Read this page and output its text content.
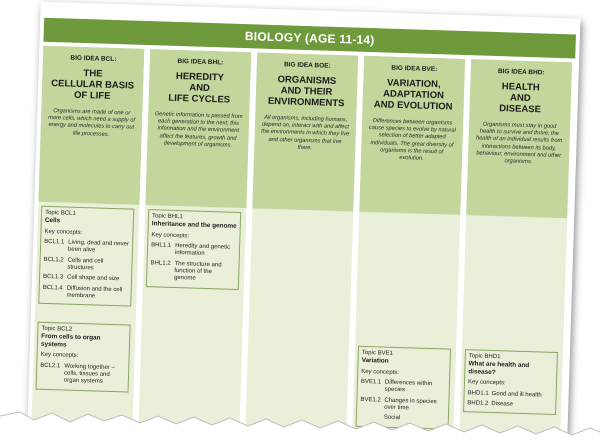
BIOLOGY (AGE 11-14)
BIG IDEA BCL:
THE
CELLULAR BASIS
OF LIFE
Organisms are made of one or more cells, which need a supply of energy and molecules to carry out life processes.
Topic BCL1
Cells
Key concepts:
BCL1.1 Living, dead and never been alive
BCL1.2 Cells and cell structures
BCL1.3 Cell shape and size
BCL1.4 Diffusion and the cell membrane
Topic BCL2
From cells to organ systems
Key concepts:
BCL2.1 Working together – cells, tissues and organ systems
BIG IDEA BHL:
HEREDITY
AND
LIFE CYCLES
Genetic information is passed from each generation to the next; this information and the environment affect the features, growth and development of organisms.
Topic BHL1
Inheritance and the genome
Key concepts:
BHL1.1 Heredity and genetic information
BHL1.2 The structure and function of the genome
BIG IDEA BOE:
ORGANISMS
AND THEIR
ENVIRONMENTS
All organisms, including humans, depend on, interact with and affect the environments in which they live and other organisms that live there.
BIG IDEA BVE:
VARIATION,
ADAPTATION
AND EVOLUTION
Differences between organisms cause species to evolve by natural selection of better adapted individuals. The great diversity of organisms is the result of evolution.
Topic BVE1
Variation
Key concepts:
BVE1.1 Differences within species
BVE1.2 Changes in species over time
Social
BIG IDEA BHD:
HEALTH
AND
DISEASE
Organisms must stay in good health to survive and thrive; the health of an individual results from interactions between its body, behaviour, environment and other organisms.
Topic BHD1
What are health and disease?
Key concepts:
BHD1.1 Good and ill health
BHD1.2 Disease
